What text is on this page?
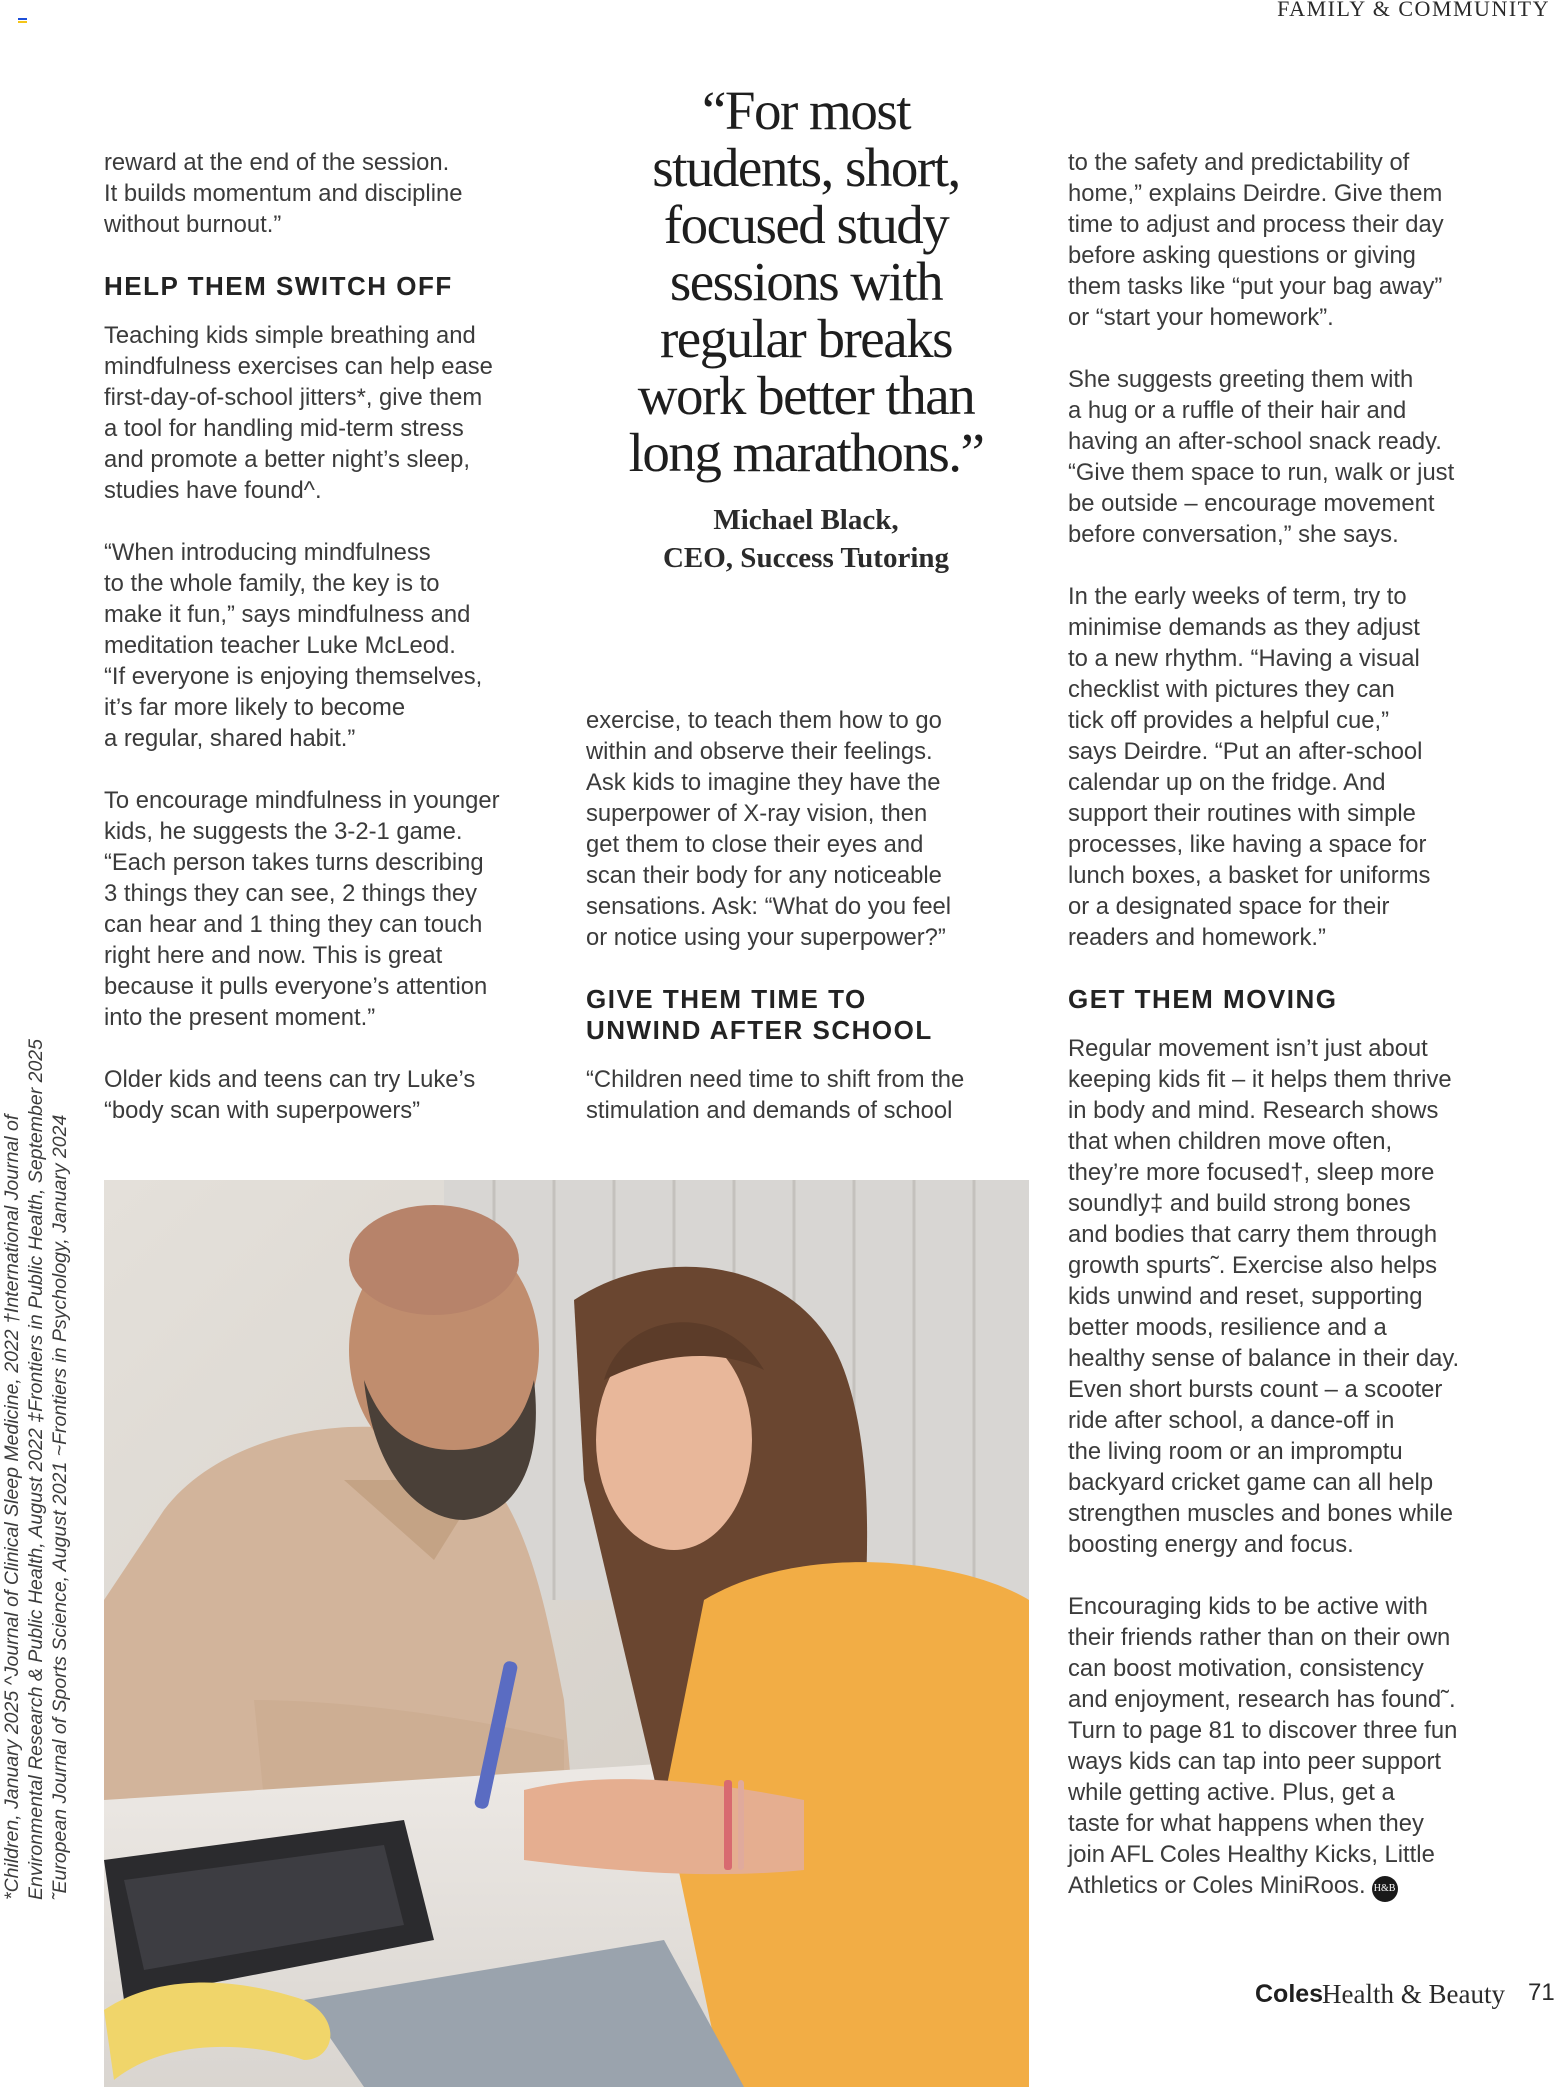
FAMILY & COMMUNITY

reward at the end of the session.
It builds momentum and discipline
without burnout.”

HELP THEM SWITCH OFF

Teaching kids simple breathing and
mindfulness exercises can help ease
first-day-of-school jitters*, give them
a tool for handling mid-term stress
and promote a better night’s sleep,
studies have found^.

“When introducing mindfulness
to the whole family, the key is to
make it fun,” says mindfulness and
meditation teacher Luke McLeod.
“If everyone is enjoying themselves,
it’s far more likely to become
a regular, shared habit.”

To encourage mindfulness in younger
kids, he suggests the 3-2-1 game.
“Each person takes turns describing
3 things they can see, 2 things they
can hear and 1 thing they can touch
right here and now. This is great
because it pulls everyone’s attention
into the present moment.”

Older kids and teens can try Luke’s
“body scan with superpowers”

“For most
students, short,
focused study
sessions with
regular breaks
work better than
long marathons.”
Michael Black,
CEO, Success Tutoring

exercise, to teach them how to go
within and observe their feelings.
Ask kids to imagine they have the
superpower of X-ray vision, then
get them to close their eyes and
scan their body for any noticeable
sensations. Ask: “What do you feel
or notice using your superpower?”

GIVE THEM TIME TO
UNWIND AFTER SCHOOL

“Children need time to shift from the
stimulation and demands of school

to the safety and predictability of
home,” explains Deirdre. Give them
time to adjust and process their day
before asking questions or giving
them tasks like “put your bag away”
or “start your homework”.

She suggests greeting them with
a hug or a ruffle of their hair and
having an after-school snack ready.
“Give them space to run, walk or just
be outside – encourage movement
before conversation,” she says.

In the early weeks of term, try to
minimise demands as they adjust
to a new rhythm. “Having a visual
checklist with pictures they can
tick off provides a helpful cue,”
says Deirdre. “Put an after-school
calendar up on the fridge. And
support their routines with simple
processes, like having a space for
lunch boxes, a basket for uniforms
or a designated space for their
readers and homework.”

GET THEM MOVING

Regular movement isn’t just about
keeping kids fit – it helps them thrive
in body and mind. Research shows
that when children move often,
they’re more focused†, sleep more
soundly‡ and build strong bones
and bodies that carry them through
growth spurts˜. Exercise also helps
kids unwind and reset, supporting
better moods, resilience and a
healthy sense of balance in their day.
Even short bursts count – a scooter
ride after school, a dance-off in
the living room or an impromptu
backyard cricket game can all help
strengthen muscles and bones while
boosting energy and focus.

Encouraging kids to be active with
their friends rather than on their own
can boost motivation, consistency
and enjoyment, research has found˜.
Turn to page 81 to discover three fun
ways kids can tap into peer support
while getting active. Plus, get a
taste for what happens when they
join AFL Coles Healthy Kicks, Little
Athletics or Coles MiniRoos. H&B

*Children, January 2025 ^Journal of Clinical Sleep Medicine, 2022 †International Journal of Environmental Research & Public Health, August 2022 ‡Frontiers in Public Health, September 2025 ˜European Journal of Sports Science, August 2021 ~Frontiers in Psychology, January 2024
Coles
Health & Beauty 71
